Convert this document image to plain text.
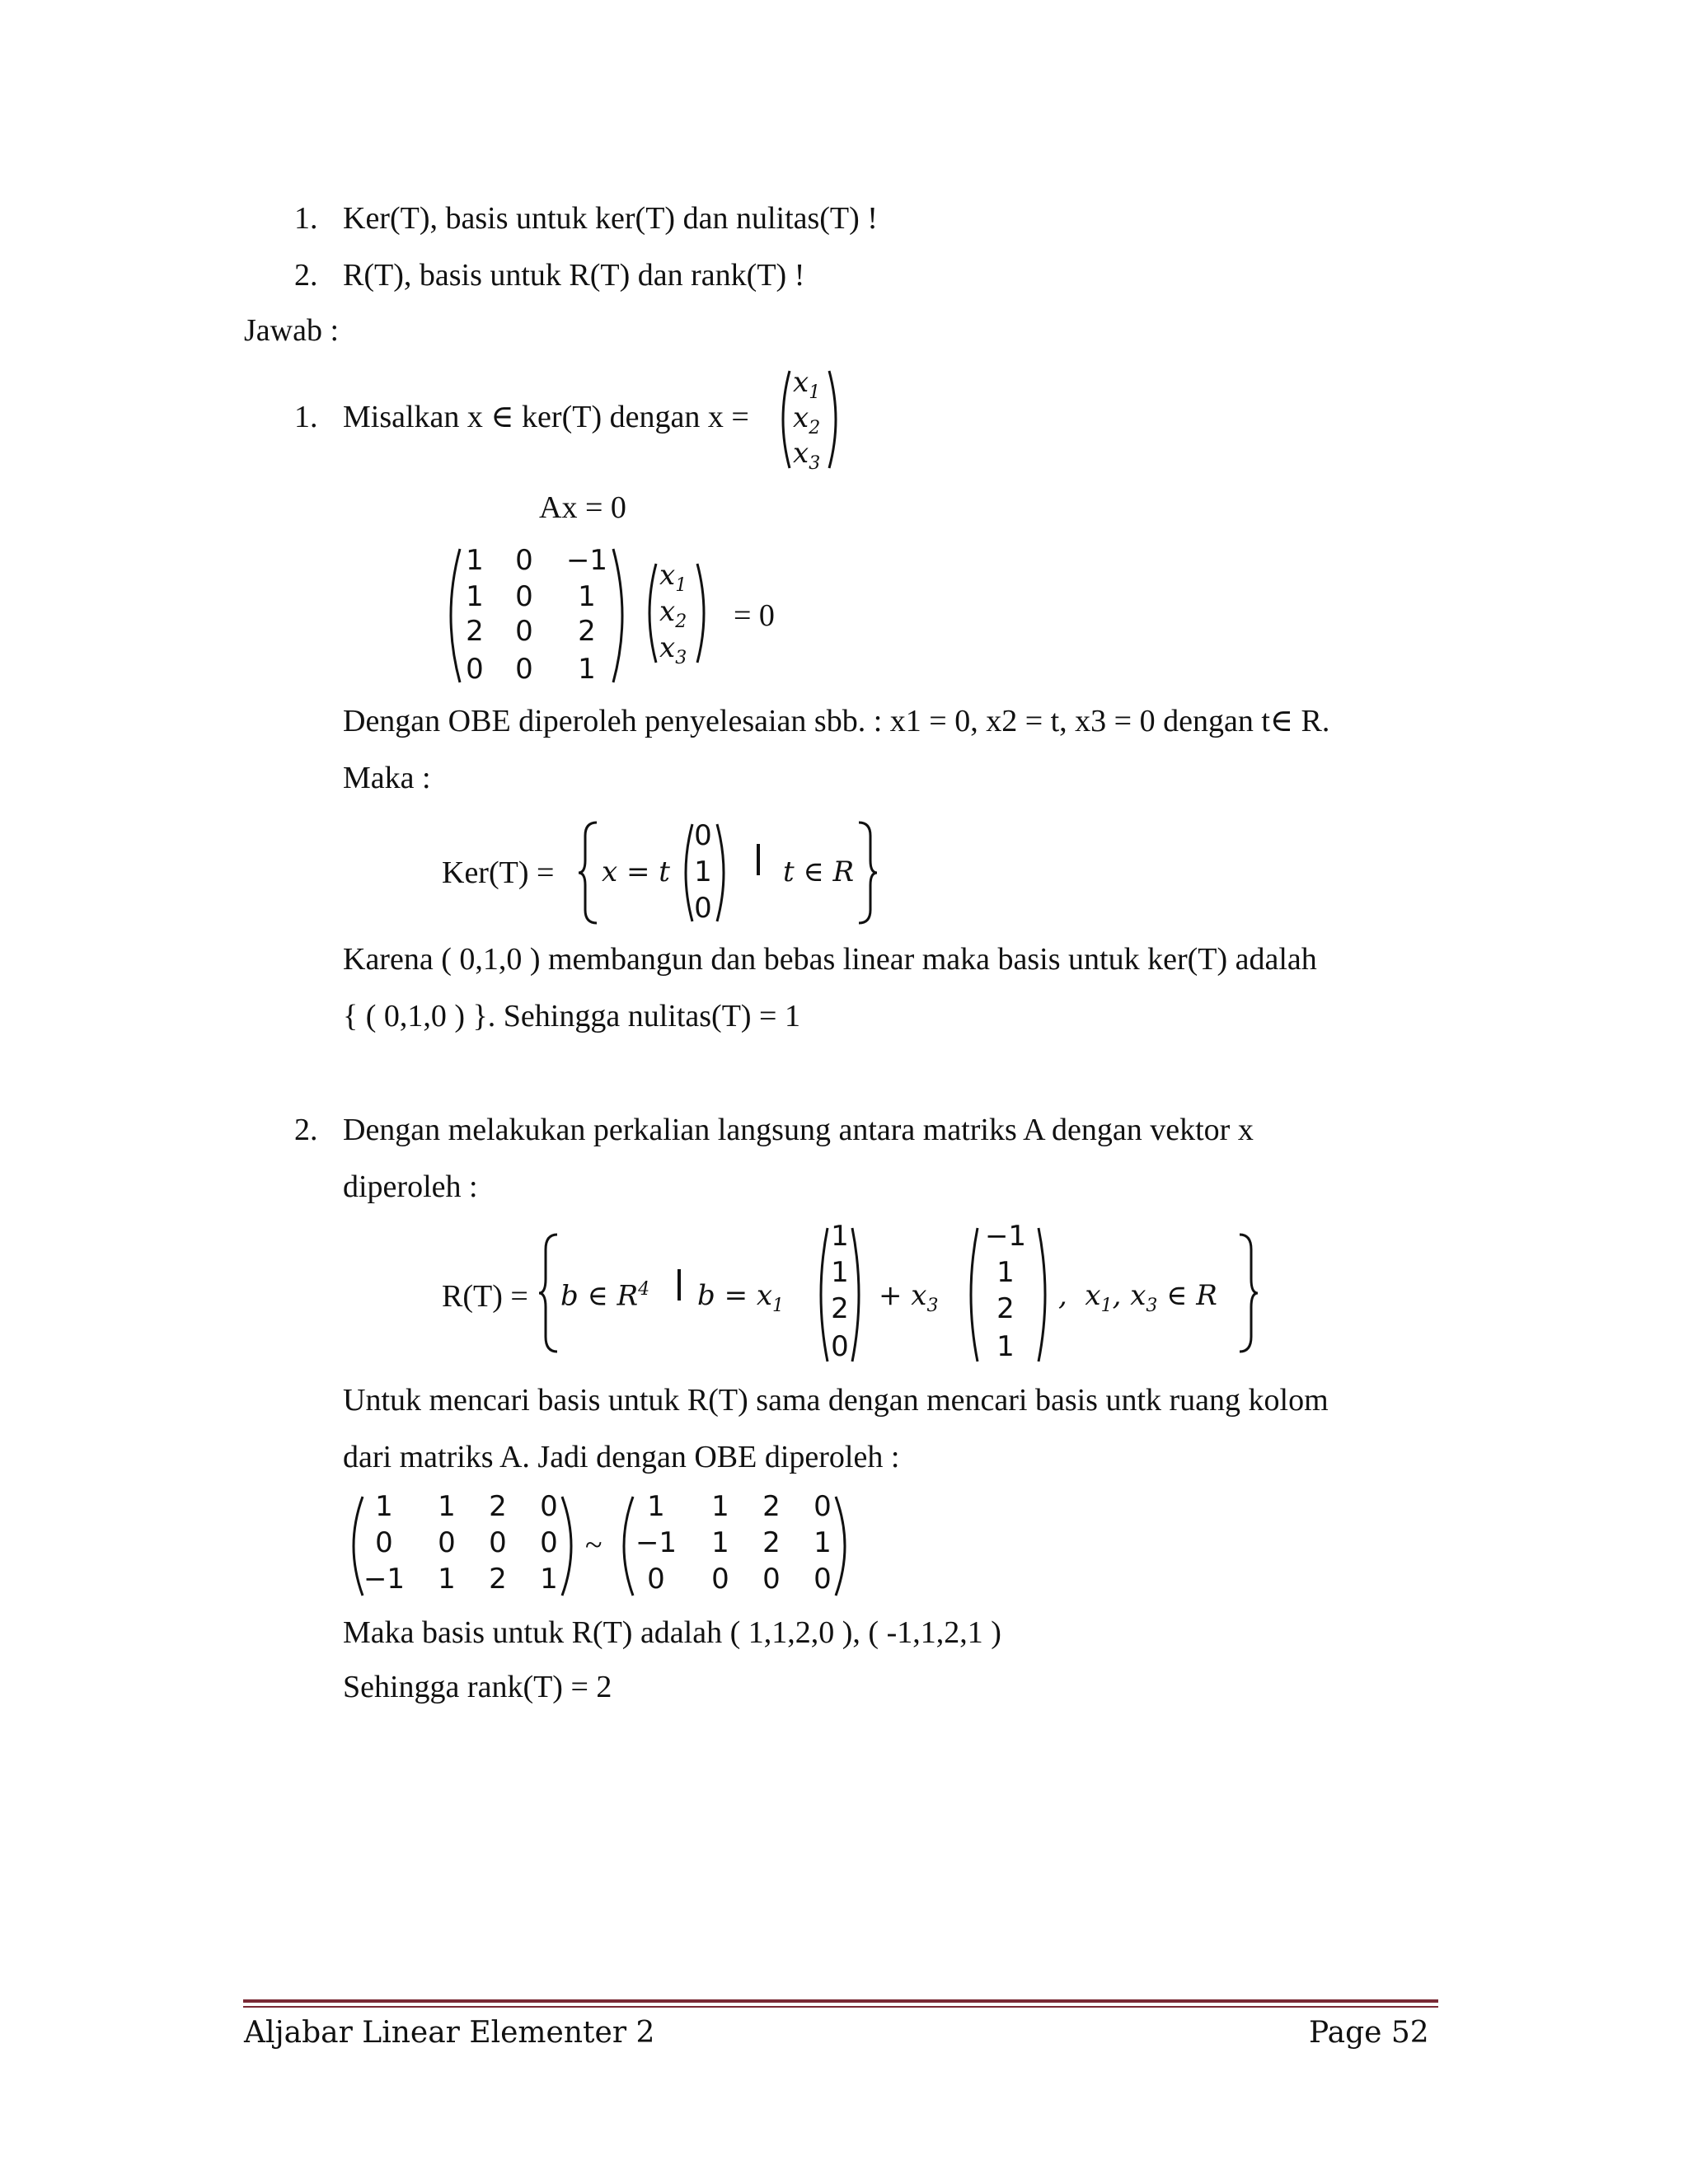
1. Ker(T), basis untuk ker(T) dan nulitas(T) !
2. R(T), basis untuk R(T) dan rank(T) !
Jawab :
1. Misalkan x ∈ ker(T) dengan x =
$x_1$
$x_2$
$x_3$
Ax = 0
1 0 −1
1 0 1
2 0 2
0 0 1
$x_1$
$x_2$
$x_3$
= 0
Dengan OBE diperoleh penyelesaian sbb. : x1 = 0, x2 = t, x3 = 0 dengan t∈ R.
Maka :
Ker(T) = x = t
0
1
0
t ∈ R
Karena ( 0,1,0 ) membangun dan bebas linear maka basis untuk ker(T) adalah
{ ( 0,1,0 ) }. Sehingga nulitas(T) = 1
2. Dengan melakukan perkalian langsung antara matriks A dengan vektor x
diperoleh :
R(T) = b ∈ $R^4$ $b = x_1$
1
1
2
0
+ $x_3$
−1
1
2
1
,  $x_1$, $x_3$ ∈ R
Untuk mencari basis untuk R(T) sama dengan mencari basis untk ruang kolom
dari matriks A. Jadi dengan OBE diperoleh :
1	1 2 0
0	0 0 0
−1 1 2 1
~
1	1 2 0
−1 1 2 1
0	0 0 0
Maka basis untuk R(T) adalah ( 1,1,2,0 ), ( -1,1,2,1 )
Sehingga rank(T) = 2
Aljabar Linear Elementer 2	Page 52
